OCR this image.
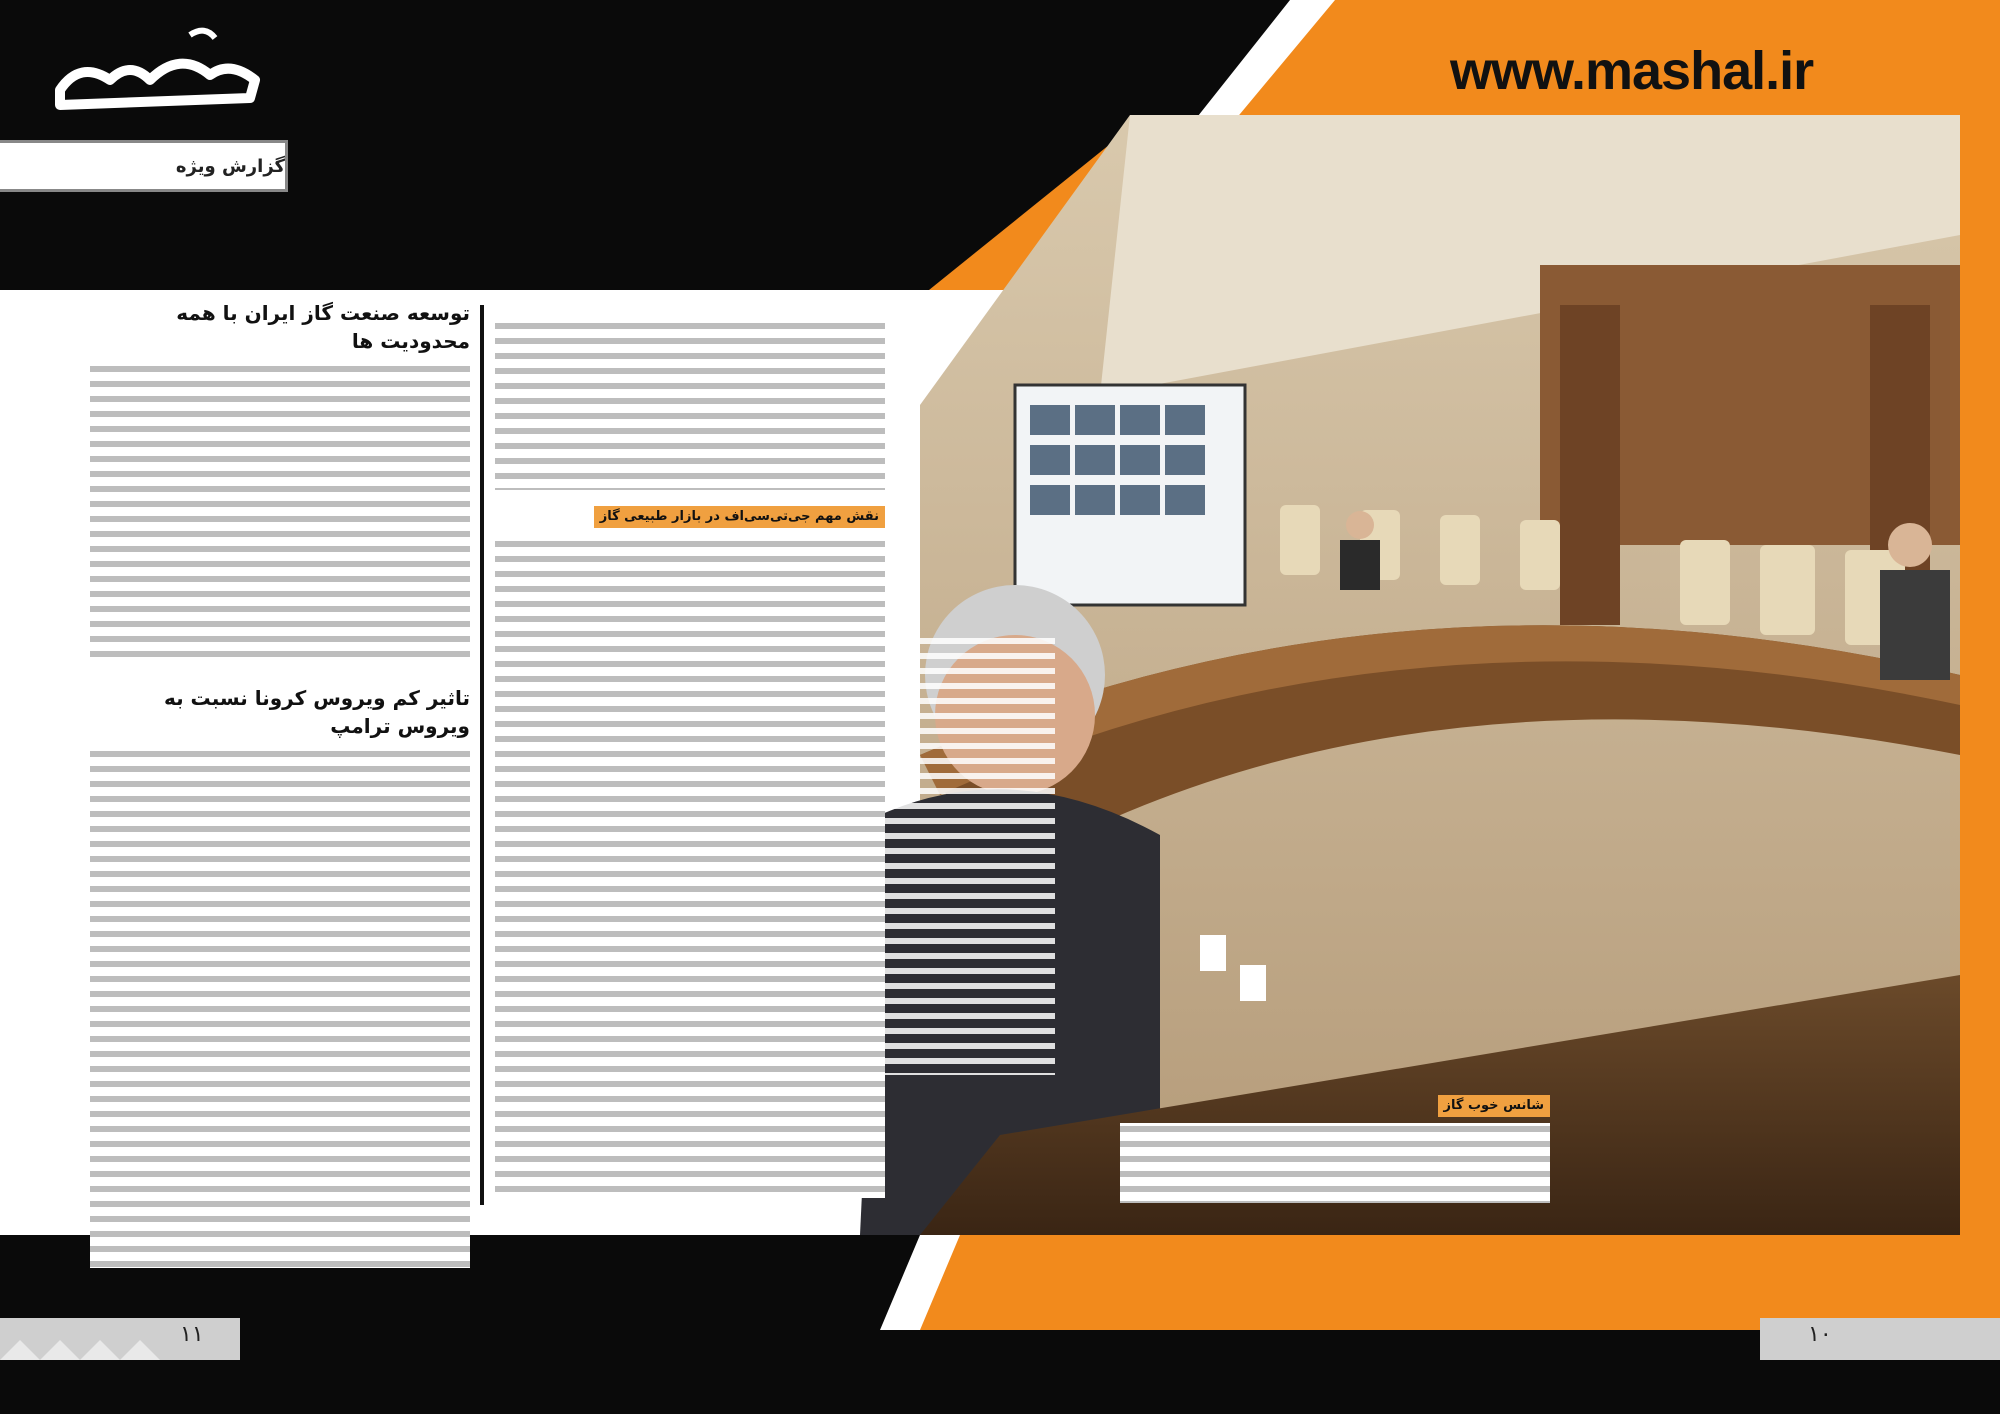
www.mashal.ir
گزارش ویژه
توسعه صنعت گاز ایران با همه محدودیت ها
تاثیر کم ویروس کرونا نسبت به ویروس ترامپ
نقش مهم جی‌تی‌سی‌اف در بازار طبیعی گاز
شانس خوب گاز
۱۱	۱۰
